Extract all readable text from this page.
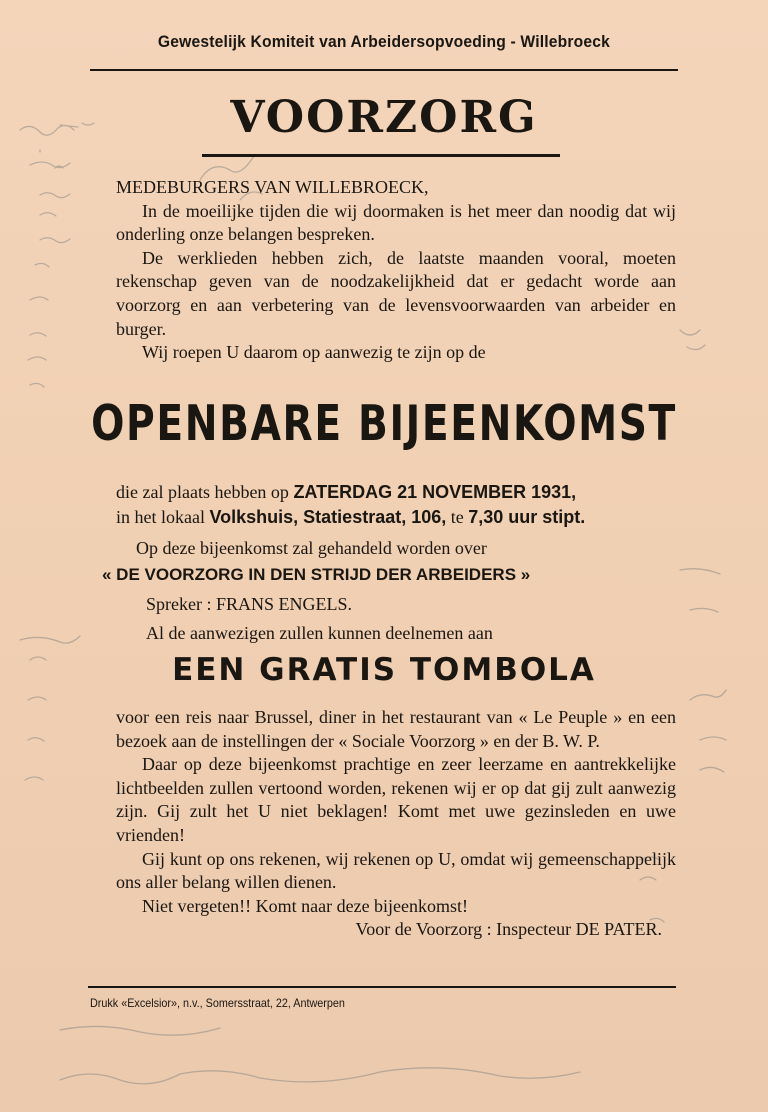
Gewestelijk Komiteit van Arbeidersopvoeding - Willebroeck
VOORZORG

MEDEBURGERS VAN WILLEBROECK,

In de moeilijke tijden die wij doormaken is het meer dan noodig dat wij onderling onze belangen bespreken.

De werklieden hebben zich, de laatste maanden vooral, moeten rekenschap geven van de noodzakelijkheid dat er gedacht worde aan voorzorg en aan verbetering van de levensvoorwaarden van arbeider en burger.

Wij roepen U daarom op aanwezig te zijn op de

OPENBARE BIJEENKOMST
die zal plaats hebben op ZATERDAG 21 NOVEMBER 1931,
in het lokaal Volkshuis, Statiestraat, 106, te 7,30 uur stipt.
Op deze bijeenkomst zal gehandeld worden over
« DE VOORZORG IN DEN STRIJD DER ARBEIDERS »
Spreker : FRANS ENGELS.
Al de aanwezigen zullen kunnen deelnemen aan
EEN GRATIS TOMBOLA

voor een reis naar Brussel, diner in het restaurant van « Le Peuple » en een bezoek aan de instellingen der « Sociale Voorzorg » en der B. W. P.

Daar op deze bijeenkomst prachtige en zeer leerzame en aantrekkelijke lichtbeelden zullen vertoond worden, rekenen wij er op dat gij zult aanwezig zijn. Gij zult het U niet beklagen! Komt met uwe gezinsleden en uwe vrienden!

Gij kunt op ons rekenen, wij rekenen op U, omdat wij gemeenschappelijk ons aller belang willen dienen.

Niet vergeten!! Komt naar deze bijeenkomst!

Voor de Voorzorg : Inspecteur DE PATER.

Drukk «Excelsior», n.v., Somersstraat, 22, Antwerpen
